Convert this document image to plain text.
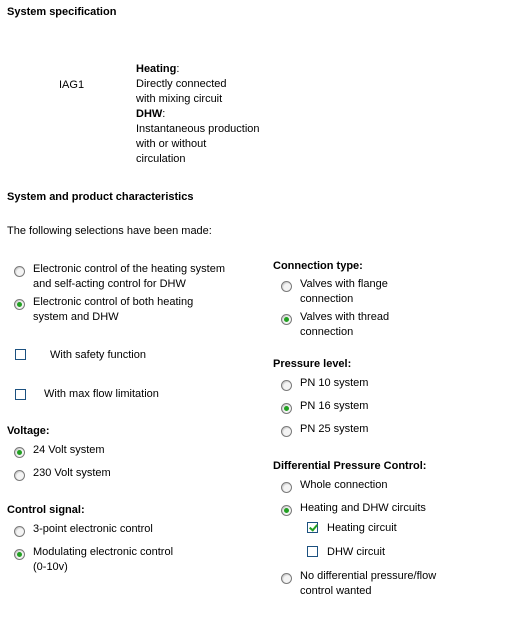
System specification
IAG1
Heating:
Directly connected
with mixing circuit
DHW:
Instantaneous production
with or without
circulation
System and product characteristics
The following selections have been made:
Electronic control of the heating system
and self-acting control for DHW
Electronic control of both heating
system and DHW
With safety function
With max flow limitation
Voltage:
24 Volt system
230 Volt system
Control signal:
3-point electronic control
Modulating electronic control
(0-10v)
Connection type:
Valves with flange
connection
Valves with thread
connection
Pressure level:
PN 10 system
PN 16 system
PN 25 system
Differential Pressure Control:
Whole connection
Heating and DHW circuits
Heating circuit
DHW circuit
No differential pressure/flow
control wanted
